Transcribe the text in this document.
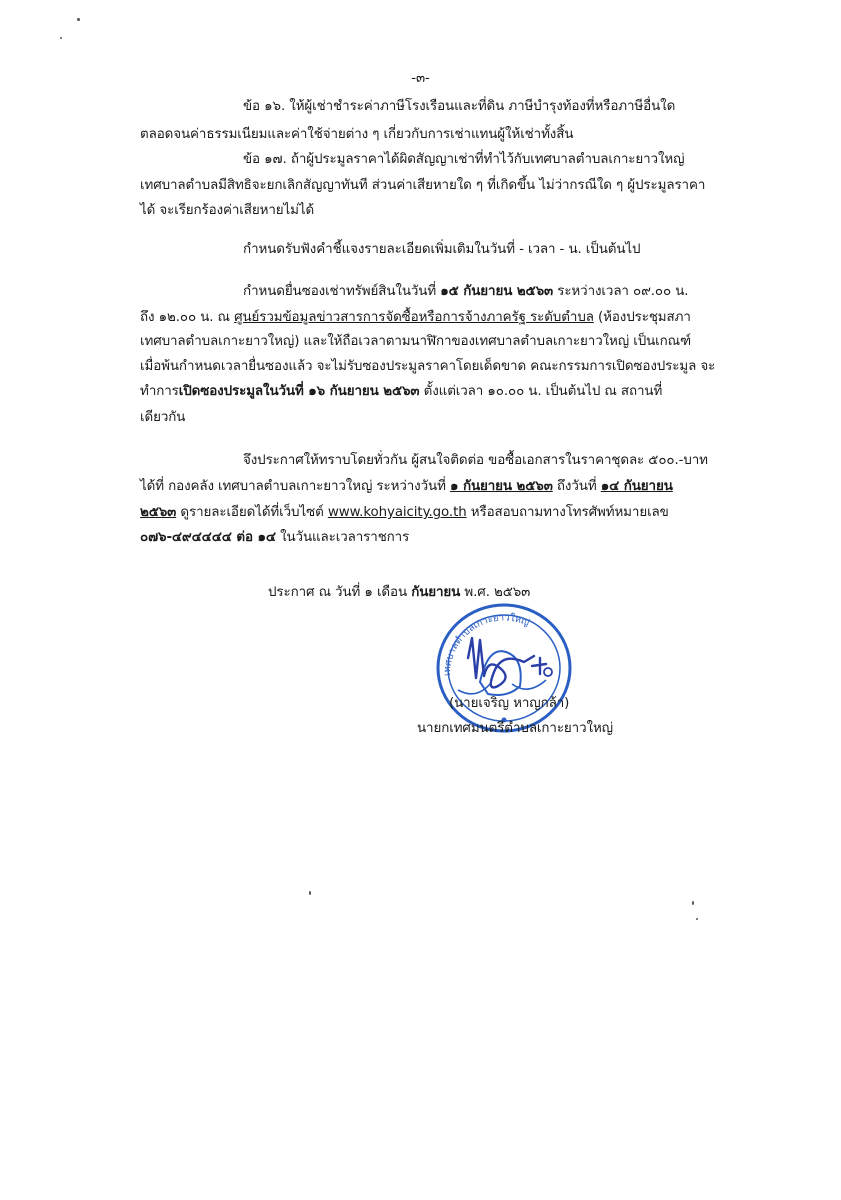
-๓-
ข้อ ๑๖. ให้ผู้เช่าชำระค่าภาษีโรงเรือนและที่ดิน ภาษีบำรุงท้องที่หรือภาษีอื่นใด
ตลอดจนค่าธรรมเนียมและค่าใช้จ่ายต่าง ๆ เกี่ยวกับการเช่าแทนผู้ให้เช่าทั้งสิ้น
ข้อ ๑๗. ถ้าผู้ประมูลราคาได้ผิดสัญญาเช่าที่ทำไว้กับเทศบาลตำบลเกาะยาวใหญ่
เทศบาลตำบลมีสิทธิจะยกเลิกสัญญาทันที ส่วนค่าเสียหายใด ๆ ที่เกิดขึ้น ไม่ว่ากรณีใด ๆ ผู้ประมูลราคา
ได้ จะเรียกร้องค่าเสียหายไม่ได้
กำหนดรับฟังคำชี้แจงรายละเอียดเพิ่มเติมในวันที่ - เวลา - น. เป็นต้นไป
กำหนดยื่นซองเช่าทรัพย์สินในวันที่ ๑๕ กันยายน ๒๕๖๓ ระหว่างเวลา ๐๙.๐๐ น.
ถึง ๑๒.๐๐ น. ณ ศูนย์รวมข้อมูลข่าวสารการจัดซื้อหรือการจ้างภาครัฐ ระดับตำบล (ห้องประชุมสภา
เทศบาลตำบลเกาะยาวใหญ่) และให้ถือเวลาตามนาฬิกาของเทศบาลตำบลเกาะยาวใหญ่ เป็นเกณฑ์
เมื่อพ้นกำหนดเวลายื่นซองแล้ว จะไม่รับซองประมูลราคาโดยเด็ดขาด คณะกรรมการเปิดซองประมูล จะ
ทำการเปิดซองประมูลในวันที่ ๑๖ กันยายน ๒๕๖๓ ตั้งแต่เวลา ๑๐.๐๐ น. เป็นต้นไป ณ สถานที่
เดียวกัน
จึงประกาศให้ทราบโดยทั่วกัน ผู้สนใจติดต่อ ขอซื้อเอกสารในราคาชุดละ ๕๐๐.-บาท
ได้ที่ กองคลัง เทศบาลตำบลเกาะยาวใหญ่ ระหว่างวันที่ ๑ กันยายน ๒๕๖๓ ถึงวันที่ ๑๔ กันยายน
๒๕๖๓ ดูรายละเอียดได้ที่เว็บไซต์ www.kohyaicity.go.th หรือสอบถามทางโทรศัพท์หมายเลข
๐๗๖-๔๙๔๔๔๔ ต่อ ๑๔ ในวันและเวลาราชการ
ประกาศ ณ วันที่ ๑ เดือน กันยายน พ.ศ. ๒๕๖๓
เทศบาลตำบลเกาะยาวใหญ่
(นายเจริญ หาญกล้า)
นายกเทศมนตรีตำบลเกาะยาวใหญ่
